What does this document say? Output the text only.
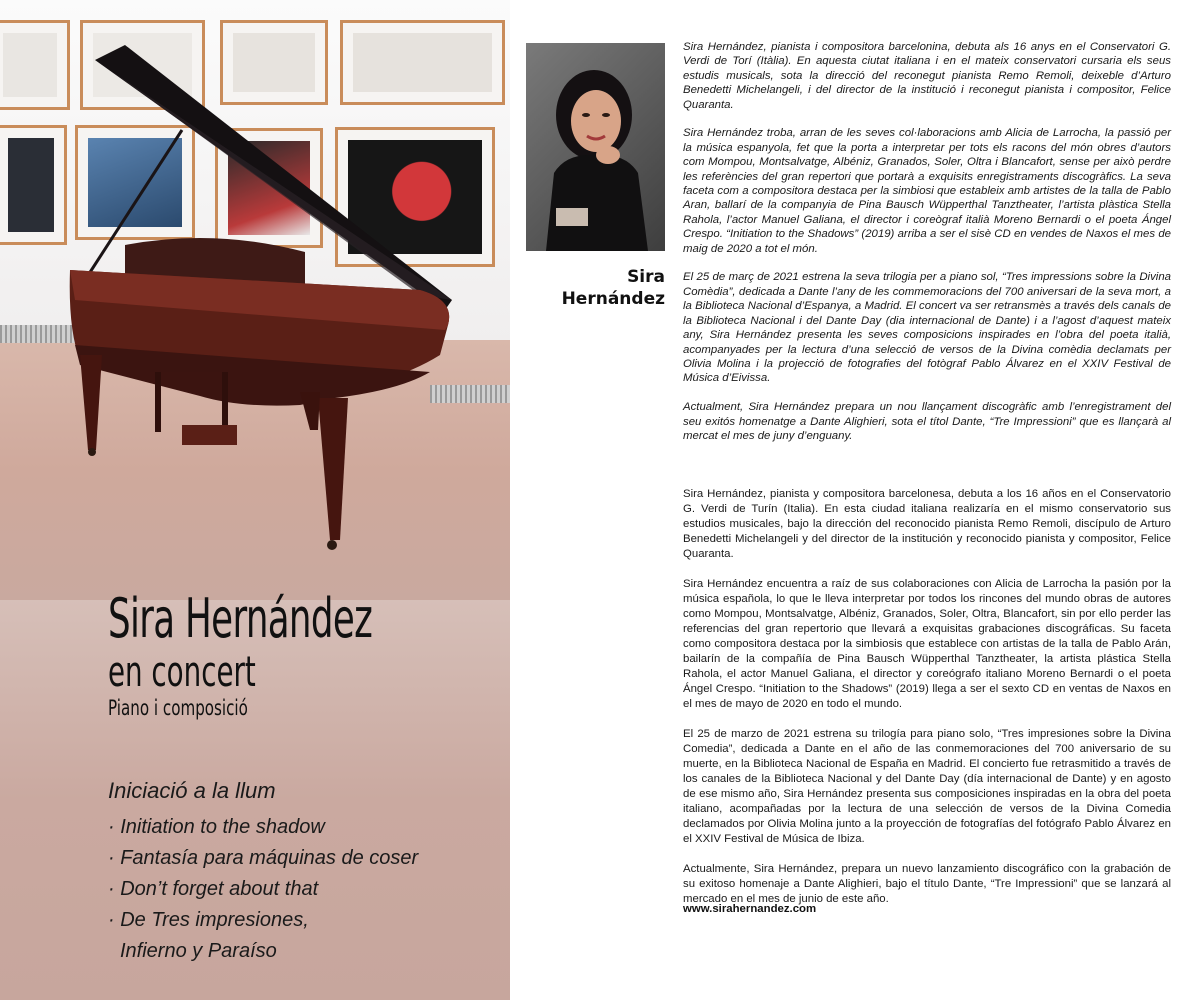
Sira Hernández
en concert
Piano i composició
Iniciació a la llum
· Initiation to the shadow
· Fantasía para máquinas de coser
· Don’t forget about that
· De Tres impresiones,
Infierno y Paraíso
Sira
Hernández

Sira Hernández, pianista i compositora barcelonina, debuta als 16 anys en el Conservatori G. Verdi de Torí (Itàlia). En aquesta ciutat italiana i en el mateix conservatori cursaria els seus estudis musicals, sota la direcció del reconegut pianista Remo Remoli, deixeble d’Arturo Benedetti Michelangeli, i del director de la institució i reconegut pianista i compositor, Felice Quaranta.

Sira Hernández troba, arran de les seves col·laboracions amb Alicia de Larrocha, la passió per la música espanyola, fet que la porta a interpretar per tots els racons del món obres d’autors com Mompou, Montsalvatge, Albéniz, Granados, Soler, Oltra i Blancafort, sense per això perdre les referències del gran repertori que portarà a exquisits enregistraments discogràfics. La seva faceta com a compositora destaca per la simbiosi que estableix amb artistes de la talla de Pablo Aran, ballarí de la companyia de Pina Bausch Wüpperthal Tanztheater, l’artista plàstica Stella Rahola, l’actor Manuel Galiana, el director i coreògraf italià Moreno Bernardi o el poeta Ángel Crespo. “Initiation to the Shadows” (2019) arriba a ser el sisè CD en vendes de Naxos el mes de maig de 2020 a tot el món.

El 25 de març de 2021 estrena la seva trilogia per a piano sol, “Tres impressions sobre la Divina Comèdia”, dedicada a Dante l’any de les commemoracions del 700 aniversari de la seva mort, a la Biblioteca Nacional d’Espanya, a Madrid. El concert va ser retransmès a través dels canals de la Biblioteca Nacional i del Dante Day (dia internacional de Dante) i a l’agost d’aquest mateix any, Sira Hernández presenta les seves composicions inspirades en l’obra del poeta italià, acompanyades per la lectura d’una selecció de versos de la Divina comèdia declamats per Olivia Molina i la projecció de fotografies del fotògraf Pablo Álvarez en el XXIV Festival de Música d’Eivissa.

Actualment, Sira Hernández prepara un nou llançament discogràfic amb l’enregistrament del seu exitós homenatge a Dante Alighieri, sota el títol Dante, “Tre Impressioni” que es llançarà al mercat el mes de juny d’enguany.

Sira Hernández, pianista y compositora barcelonesa, debuta a los 16 años en el Conservatorio G. Verdi de Turín (Italia). En esta ciudad italiana realizaría en el mismo conservatorio sus estudios musicales, bajo la dirección del reconocido pianista Remo Remoli, discípulo de Arturo Benedetti Michelangeli y del director de la institución y reconocido pianista y compositor, Felice Quaranta.

Sira Hernández encuentra a raíz de sus colaboraciones con Alicia de Larrocha la pasión por la música española, lo que le lleva interpretar por todos los rincones del mundo obras de autores como Mompou, Montsalvatge, Albéniz, Granados, Soler, Oltra, Blancafort, sin por ello perder las referencias del gran repertorio que llevará a exquisitas grabaciones discográficas. Su faceta como compositora destaca por la simbiosis que establece con artistas de la talla de Pablo Arán, bailarín de la compañía de Pina Bausch Wüpperthal Tanztheater, la artista plástica Stella Rahola, el actor Manuel Galiana, el director y coreógrafo italiano Moreno Bernardi o el poeta Ángel Crespo. “Initiation to the Shadows” (2019) llega a ser el sexto CD en ventas de Naxos en el mes de mayo de 2020 en todo el mundo.

El 25 de marzo de 2021 estrena su trilogía para piano solo, “Tres impresiones sobre la Divina Comedia”, dedicada a Dante en el año de las conmemoraciones del 700 aniversario de su muerte, en la Biblioteca Nacional de España en Madrid. El concierto fue retrasmitido a través de los canales de la Biblioteca Nacional y del Dante Day (día internacional de Dante) y en agosto de ese mismo año, Sira Hernández presenta sus composiciones inspiradas en la obra del poeta italiano, acompañadas por la lectura de una selección de versos de la Divina Comedia declamados por Olivia Molina junto a la proyección de fotografías del fotógrafo Pablo Álvarez en el XXIV Festival de Música de Ibiza.

Actualmente, Sira Hernández, prepara un nuevo lanzamiento discográfico con la grabación de su exitoso homenaje a Dante Alighieri, bajo el título Dante, “Tre Impressioni” que se lanzará al mercado en el mes de junio de este año.

www.sirahernandez.com
